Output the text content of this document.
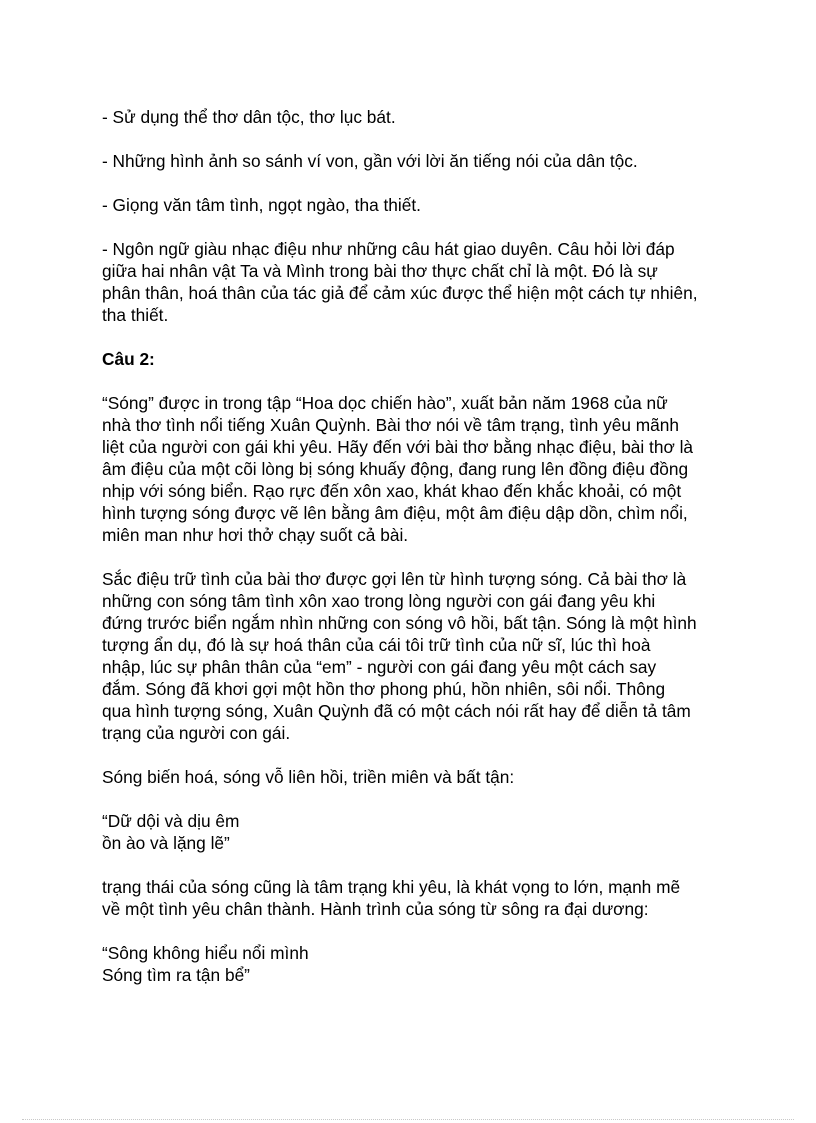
- Sử dụng thể thơ dân tộc, thơ lục bát.

- Những hình ảnh so sánh ví von, gần với lời ăn tiếng nói của dân tộc.

- Giọng văn tâm tình, ngọt ngào, tha thiết.

- Ngôn ngữ giàu nhạc điệu như những câu hát giao duyên. Câu hỏi lời đáp
giữa hai nhân vật Ta và Mình trong bài thơ thực chất chỉ là một. Đó là sự
phân thân, hoá thân của tác giả để cảm xúc được thể hiện một cách tự nhiên,
tha thiết.

Câu 2:

“Sóng” được in trong tập “Hoa dọc chiến hào”, xuất bản năm 1968 của nữ
nhà thơ tình nổi tiếng Xuân Quỳnh. Bài thơ nói về tâm trạng, tình yêu mãnh
liệt của người con gái khi yêu. Hãy đến với bài thơ bằng nhạc điệu, bài thơ là
âm điệu của một cõi lòng bị sóng khuấy động, đang rung lên đồng điệu đồng
nhịp với sóng biển. Rạo rực đến xôn xao, khát khao đến khắc khoải, có một
hình tượng sóng được vẽ lên bằng âm điệu, một âm điệu dập dồn, chìm nổi,
miên man như hơi thở chạy suốt cả bài.

Sắc điệu trữ tình của bài thơ được gợi lên từ hình tượng sóng. Cả bài thơ là
những con sóng tâm tình xôn xao trong lòng người con gái đang yêu khi
đứng trước biển ngắm nhìn những con sóng vô hồi, bất tận. Sóng là một hình
tượng ẩn dụ, đó là sự hoá thân của cái tôi trữ tình của nữ sĩ, lúc thì hoà
nhập, lúc sự phân thân của “em” - người con gái đang yêu một cách say
đắm. Sóng đã khơi gợi một hồn thơ phong phú, hồn nhiên, sôi nổi. Thông
qua hình tượng sóng, Xuân Quỳnh đã có một cách nói rất hay để diễn tả tâm
trạng của người con gái.

Sóng biến hoá, sóng vỗ liên hồi, triền miên và bất tận:

“Dữ dội và dịu êm
ồn ào và lặng lẽ”

trạng thái của sóng cũng là tâm trạng khi yêu, là khát vọng to lớn, mạnh mẽ
về một tình yêu chân thành. Hành trình của sóng từ sông ra đại dương:

“Sông không hiểu nổi mình
Sóng tìm ra tận bể”
